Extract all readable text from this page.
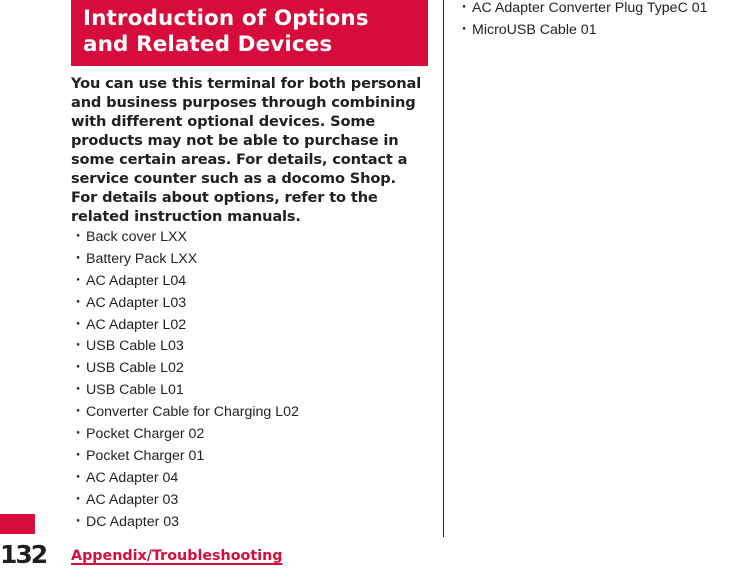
Introduction of Options
and Related Devices

You can use this terminal for both personal and business purposes through combining with different optional devices. Some products may not be able to purchase in some certain areas. For details, contact a service counter such as a docomo Shop.

For details about options, refer to the related instruction manuals.

・Back cover LXX
・Battery Pack LXX
・AC Adapter L04
・AC Adapter L03
・AC Adapter L02
・USB Cable L03
・USB Cable L02
・USB Cable L01
・Converter Cable for Charging L02
・Pocket Charger 02
・Pocket Charger 01
・AC Adapter 04
・AC Adapter 03
・DC Adapter 03
・AC Adapter Converter Plug TypeC 01
・MicroUSB Cable 01
132	Appendix/Troubleshooting
